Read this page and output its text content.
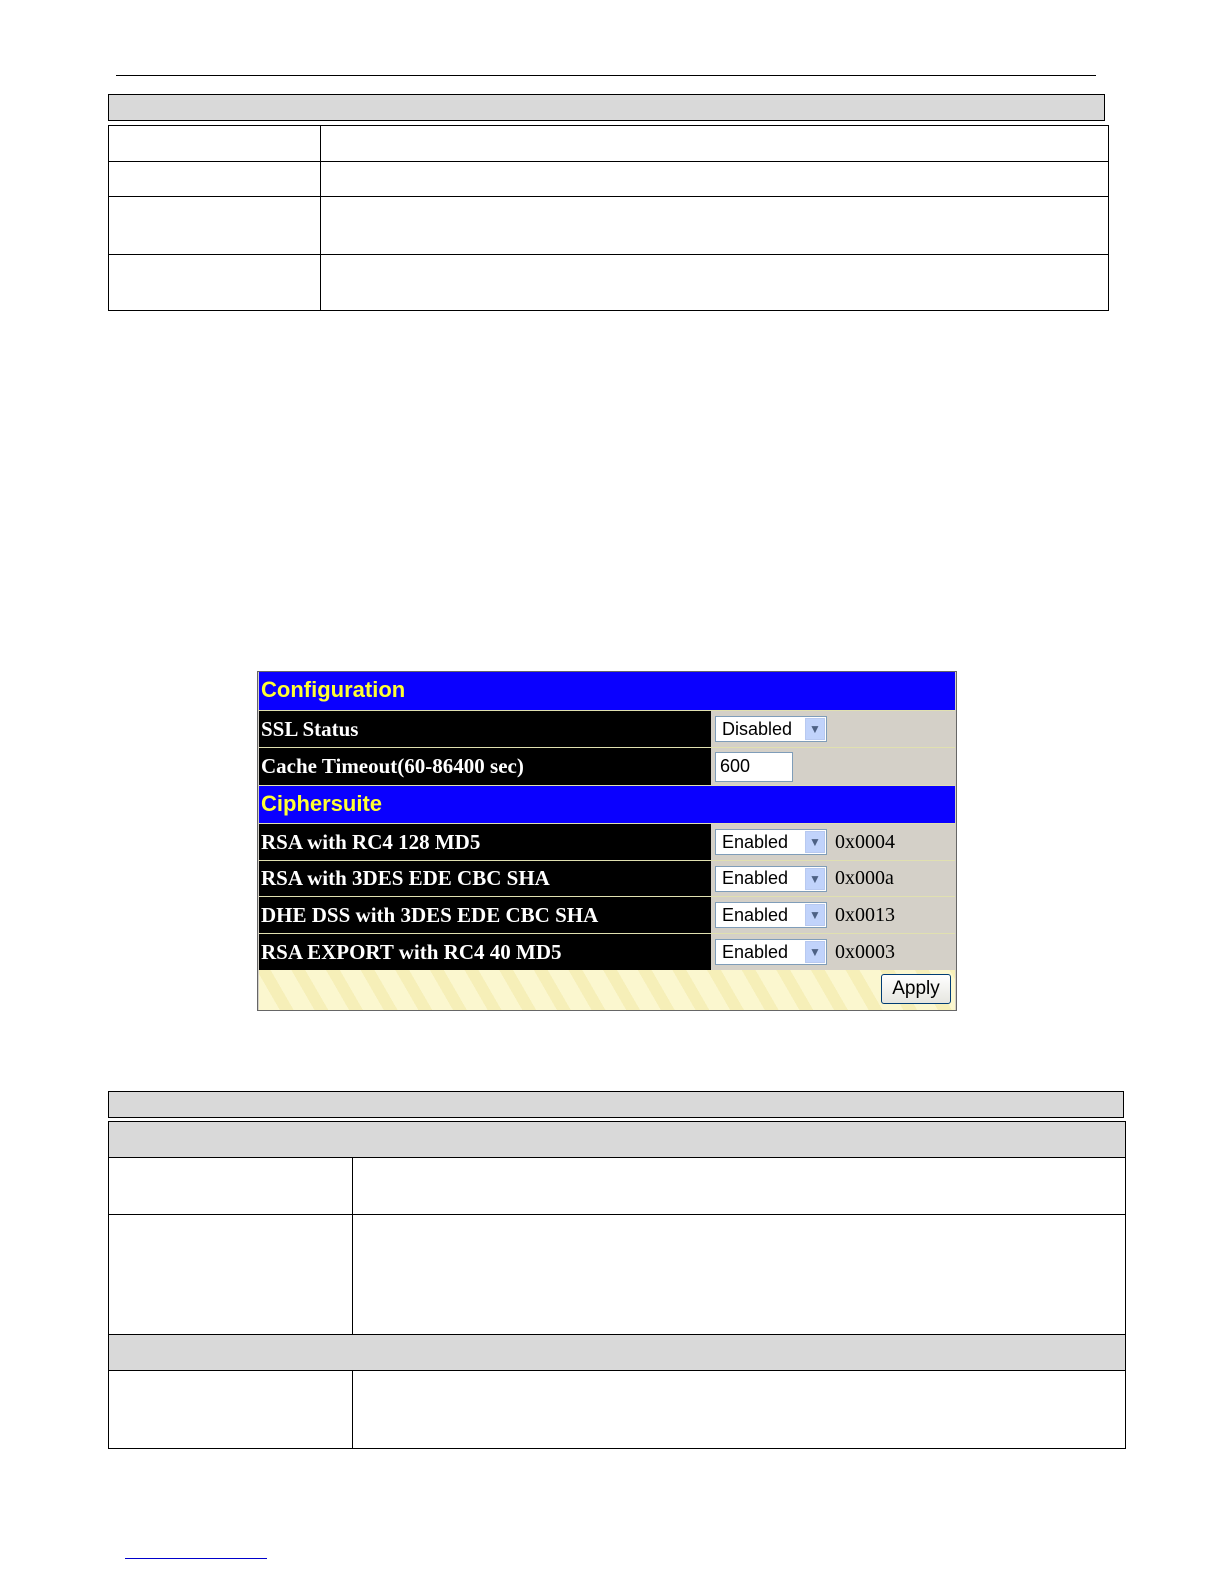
Configuration
SSL Status	Disabled	▼
Cache Timeout(60-86400 sec)	600
Ciphersuite
RSA with RC4 128 MD5	Enabled	▼ 0x0004
RSA with 3DES EDE CBC SHA	Enabled	▼ 0x000a
DHE DSS with 3DES EDE CBC SHA	Enabled	▼ 0x0013
RSA EXPORT with RC4 40 MD5	Enabled	▼ 0x0003
Apply
